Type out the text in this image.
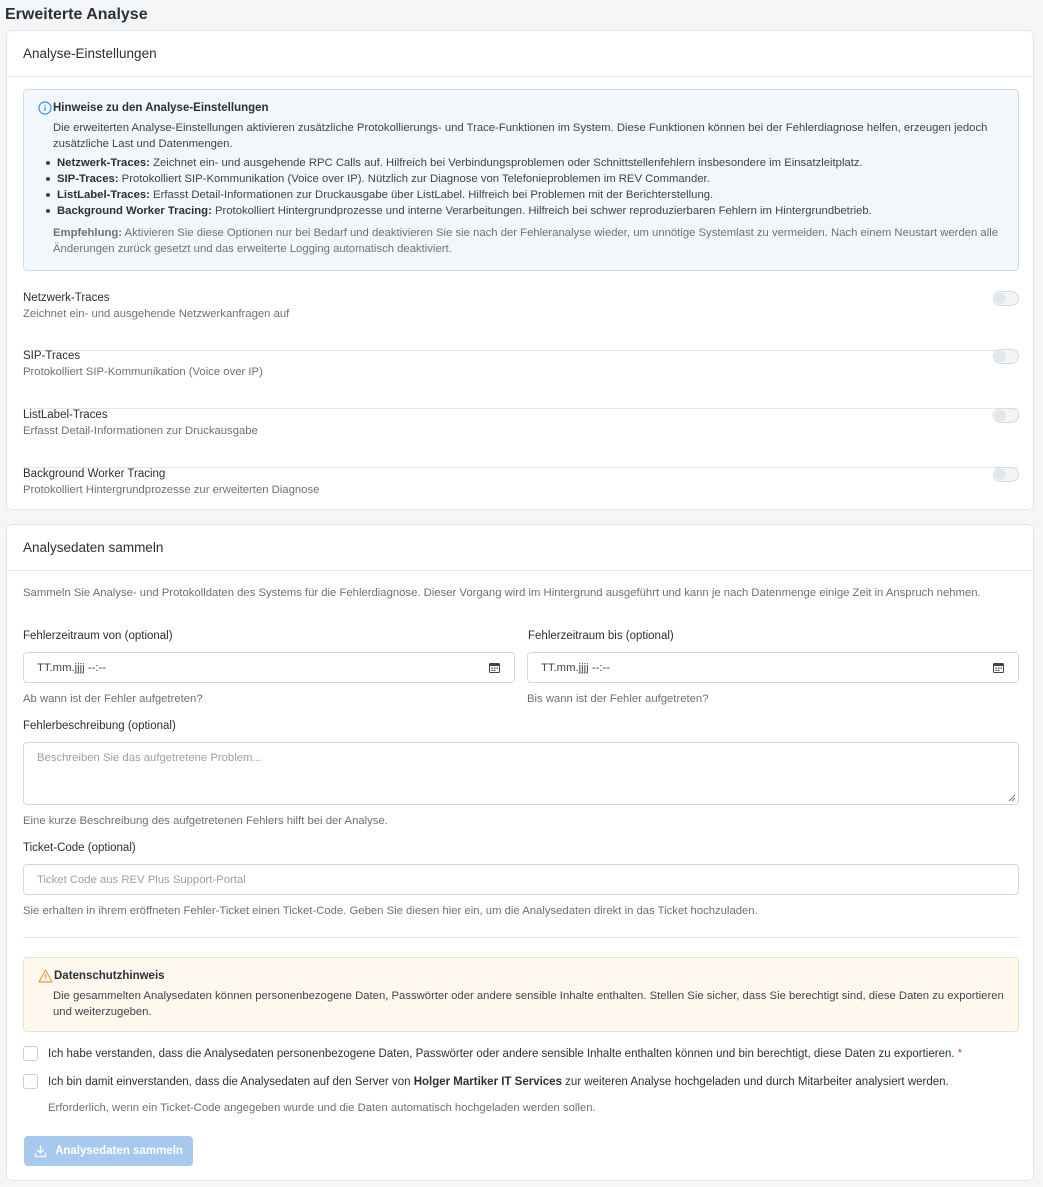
Erweiterte Analyse
Analyse-Einstellungen
Hinweise zu den Analyse-Einstellungen
Die erweiterten Analyse-Einstellungen aktivieren zusätzliche Protokollierungs- und Trace-Funktionen im System. Diese Funktionen können bei der Fehlerdiagnose helfen, erzeugen jedoch zusätzliche Last und Datenmengen.
Netzwerk-Traces: Zeichnet ein- und ausgehende RPC Calls auf. Hilfreich bei Verbindungsproblemen oder Schnittstellenfehlern insbesondere im Einsatzleitplatz.
SIP-Traces: Protokolliert SIP-Kommunikation (Voice over IP). Nützlich zur Diagnose von Telefonieproblemen im REV Commander.
ListLabel-Traces: Erfasst Detail-Informationen zur Druckausgabe über ListLabel. Hilfreich bei Problemen mit der Berichterstellung.
Background Worker Tracing: Protokolliert Hintergrundprozesse und interne Verarbeitungen. Hilfreich bei schwer reproduzierbaren Fehlern im Hintergrundbetrieb.
Empfehlung: Aktivieren Sie diese Optionen nur bei Bedarf und deaktivieren Sie sie nach der Fehleranalyse wieder, um unnötige Systemlast zu vermeiden. Nach einem Neustart werden alle Änderungen zurück gesetzt und das erweiterte Logging automatisch deaktiviert.
Netzwerk-Traces
Zeichnet ein- und ausgehende Netzwerkanfragen auf
SIP-Traces
Protokolliert SIP-Kommunikation (Voice over IP)
ListLabel-Traces
Erfasst Detail-Informationen zur Druckausgabe
Background Worker Tracing
Protokolliert Hintergrundprozesse zur erweiterten Diagnose
Analysedaten sammeln
Sammeln Sie Analyse- und Protokolldaten des Systems für die Fehlerdiagnose. Dieser Vorgang wird im Hintergrund ausgeführt und kann je nach Datenmenge einige Zeit in Anspruch nehmen.
Fehlerzeitraum von (optional)
TT.mm.jjjj --:--
Ab wann ist der Fehler aufgetreten?
Fehlerzeitraum bis (optional)
TT.mm.jjjj --:--
Bis wann ist der Fehler aufgetreten?
Fehlerbeschreibung (optional)
Beschreiben Sie das aufgetretene Problem...
Eine kurze Beschreibung des aufgetretenen Fehlers hilft bei der Analyse.
Ticket-Code (optional)
Ticket Code aus REV Plus Support-Portal
Sie erhalten in ihrem eröffneten Fehler-Ticket einen Ticket-Code. Geben Sie diesen hier ein, um die Analysedaten direkt in das Ticket hochzuladen.
Datenschutzhinweis
Die gesammelten Analysedaten können personenbezogene Daten, Passwörter oder andere sensible Inhalte enthalten. Stellen Sie sicher, dass Sie berechtigt sind, diese Daten zu exportieren und weiterzugeben.
Ich habe verstanden, dass die Analysedaten personenbezogene Daten, Passwörter oder andere sensible Inhalte enthalten können und bin berechtigt, diese Daten zu exportieren. *
Ich bin damit einverstanden, dass die Analysedaten auf den Server von Holger Martiker IT Services zur weiteren Analyse hochgeladen und durch Mitarbeiter analysiert werden.
Erforderlich, wenn ein Ticket-Code angegeben wurde und die Daten automatisch hochgeladen werden sollen.
Analysedaten sammeln
